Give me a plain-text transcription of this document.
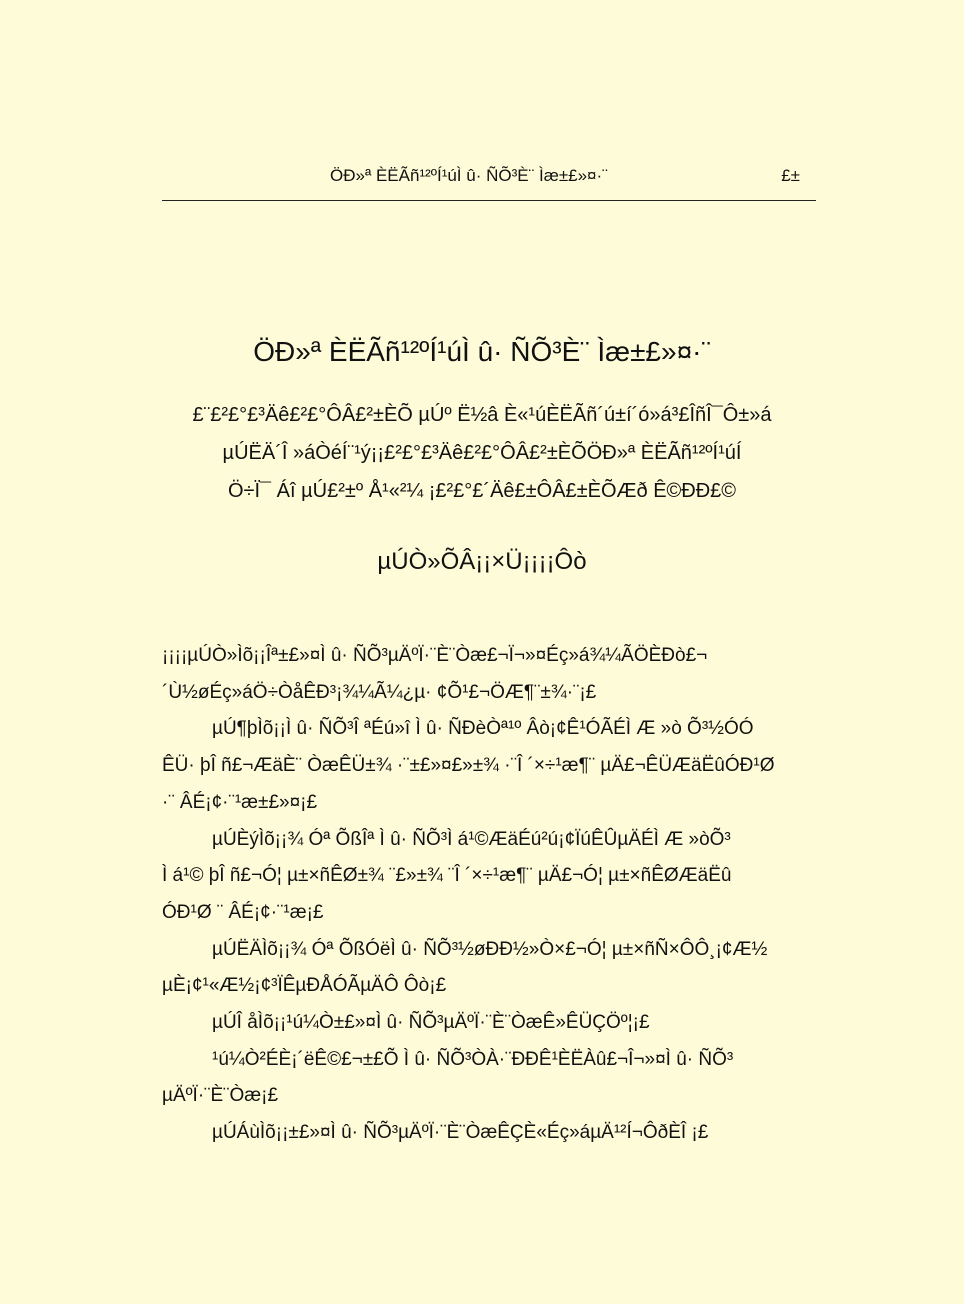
ÖÐ»ª ÈËÃñ¹²ºÍ¹úÌ û· ÑÕ³È¨ Ìæ±£»¤·¨	£±
ÖÐ»ª ÈËÃñ¹²ºÍ¹úÌ û· ÑÕ³È¨ Ìæ±£»¤·¨
£¨£²£°£³Äê£²£°ÔÂ£²±ÈÕ µÚº Ë½â È«¹úÈËÃñ´ú±í´ó»á³£ÎñÎ¯Ô±»á
µÚËÄ´Î »áÒéÍ¨¹ý¡¡£²£°£³Äê£²£°ÔÂ£²±ÈÕÖÐ»ª ÈËÃñ¹²ºÍ¹úÍ
Ö÷Ï¯ Áî µÚ£²±º Å¹«²¼ ¡£²£°£´Äê£±ÔÂ£±ÈÕÆð Ê©ÐÐ£©
µÚÒ»ÕÂ¡¡×Ü¡¡¡¡Ôò
¡¡¡¡µÚÒ»Ìõ¡¡Îª±£»¤Ì û· ÑÕ³µÄºÏ·¨È¨Òæ£¬Ï¬»¤Éç»á¾¼ÃÖÈÐò£¬
´Ù½øÉç»áÖ÷ÒåÊÐ³¡¾¼Ã¼¿µ· ¢Õ¹£¬ÖÆ¶¨±¾·¨¡£
µÚ¶þÌõ¡¡Ì û· ÑÕ³Î ªÉú»î Ì û· ÑÐèÒª¹º Âò¡¢Ê¹ÓÃÉÌ Æ »ò Õ³½ÓÓ
ÊÜ· þÎ ñ£¬ÆäÈ¨ ÒæÊÜ±¾ ·¨±£»¤£»±¾ ·¨Î ´×÷¹æ¶¨ µÄ£¬ÊÜÆäËûÓÐ¹Ø
·¨ ÂÉ¡¢·¨¹æ±£»¤¡£
µÚÈýÌõ¡¡¾ Óª ÕßÎª Ì û· ÑÕ³Ì á¹©ÆäÉú²ú¡¢ÏúÊÛµÄÉÌ Æ »òÕ³
Ì á¹© þÎ ñ£¬Ó¦ µ±×ñÊØ±¾ ¨£»±¾ ¨Î ´×÷¹æ¶¨ µÄ£¬Ó¦ µ±×ñÊØÆäËû
ÓÐ¹Ø ¨ ÂÉ¡¢·¨¹æ¡£
µÚËÄÌõ¡¡¾ Óª ÕßÓëÌ û· ÑÕ³½øÐÐ½»Ò×£¬Ó¦ µ±×ñÑ×ÔÔ¸¡¢Æ½
µÈ¡¢¹«Æ½¡¢³ÏÊµÐÅÓÃµÄÔ Ôò¡£
µÚÎ åÌõ¡¡¹ú¼Ò±£»¤Ì û· ÑÕ³µÄºÏ·¨È¨ÒæÊ»ÊÜÇÖº¦¡£
¹ú¼Ò²ÉÈ¡´ëÊ©£¬±£Õ Ì û· ÑÕ³ÒÀ·¨ÐÐÊ¹ÈËÀû£¬Î¬»¤Ì û· ÑÕ³
µÄºÏ·¨È¨Òæ¡£
µÚÁùÌõ¡¡±£»¤Ì û· ÑÕ³µÄºÏ·¨È¨ÒæÊÇÈ«Éç»áµÄ¹²Í¬ÔðÈÎ ¡£
